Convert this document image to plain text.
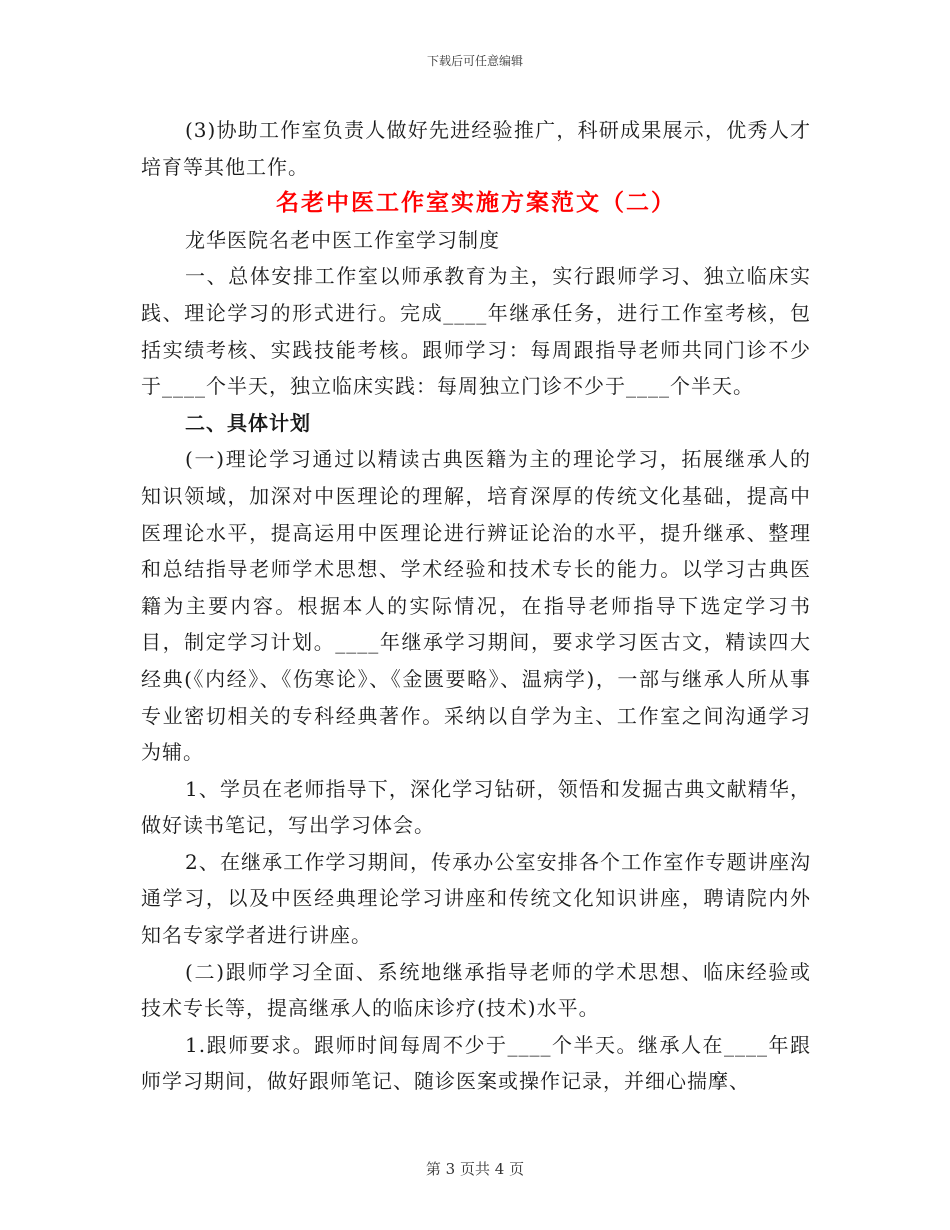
下载后可任意编辑

(3)协助工作室负责人做好先进经验推广，科研成果展示，优秀人才培育等其他工作。

名老中医工作室实施方案范文（二）

龙华医院名老中医工作室学习制度

一、总体安排工作室以师承教育为主，实行跟师学习、独立临床实践、理论学习的形式进行。完成____年继承任务，进行工作室考核，包括实绩考核、实践技能考核。跟师学习：每周跟指导老师共同门诊不少于____个半天，独立临床实践：每周独立门诊不少于____个半天。

二、具体计划

(一)理论学习通过以精读古典医籍为主的理论学习，拓展继承人的知识领域，加深对中医理论的理解，培育深厚的传统文化基础，提高中医理论水平，提高运用中医理论进行辨证论治的水平，提升继承、整理和总结指导老师学术思想、学术经验和技术专长的能力。以学习古典医籍为主要内容。根据本人的实际情况，在指导老师指导下选定学习书目，制定学习计划。____年继承学习期间，要求学习医古文，精读四大经典(《内经》、《伤寒论》、《金匮要略》、温病学)，一部与继承人所从事专业密切相关的专科经典著作。采纳以自学为主、工作室之间沟通学习为辅。

1、学员在老师指导下，深化学习钻研，领悟和发掘古典文献精华，做好读书笔记，写出学习体会。

2、在继承工作学习期间，传承办公室安排各个工作室作专题讲座沟通学习，以及中医经典理论学习讲座和传统文化知识讲座，聘请院内外知名专家学者进行讲座。

(二)跟师学习全面、系统地继承指导老师的学术思想、临床经验或技术专长等，提高继承人的临床诊疗(技术)水平。

1.跟师要求。跟师时间每周不少于____个半天。继承人在____年跟师学习期间，做好跟师笔记、随诊医案或操作记录，并细心揣摩、

第 3 页共 4 页
